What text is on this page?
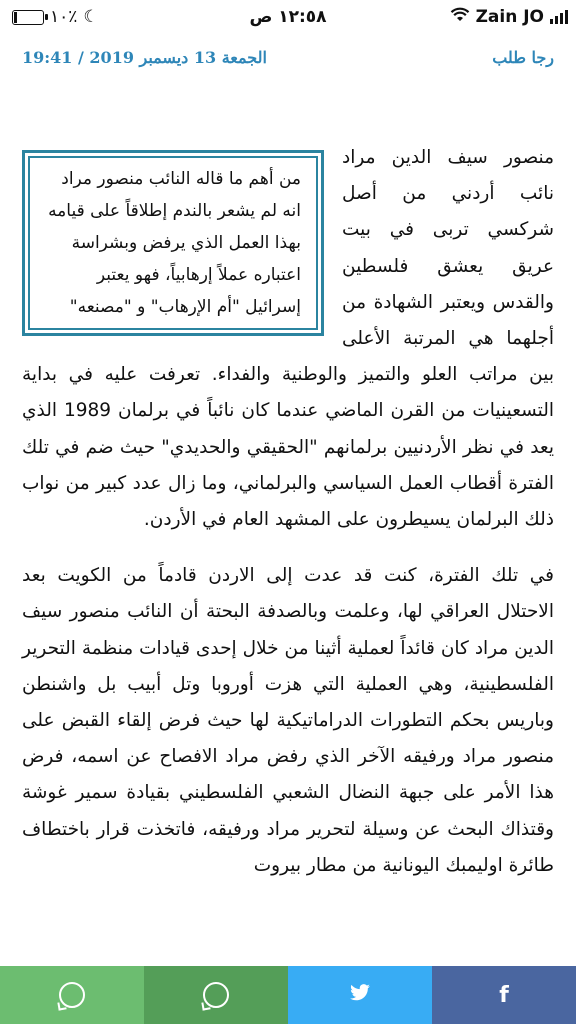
١٠٪ ☾	١٢:٥٨ ص	Zain JO
الجمعة 13 ديسمبر 2019 / 19:41	رجا طلب
من أهم ما قاله النائب منصور مراد انه لم يشعر بالندم إطلاقاً على قيامه بهذا العمل الذي يرفض وبشراسة اعتباره عملاً إرهابياً، فهو يعتبر إسرائيل "أم الإرهاب" و "مصنعه"

منصور سيف الدين مراد نائب أردني من أصل شركسي تربى في بيت عريق يعشق فلسطين والقدس ويعتبر الشهادة من أجلهما هي المرتبة الأعلى بين مراتب العلو والتميز والوطنية والفداء. تعرفت عليه في بداية التسعينيات من القرن الماضي عندما كان نائباً في برلمان 1989 الذي يعد في نظر الأردنيين برلمانهم "الحقيقي والحديدي" حيث ضم في تلك الفترة أقطاب العمل السياسي والبرلماني، وما زال عدد كبير من نواب ذلك البرلمان يسيطرون على المشهد العام في الأردن.

في تلك الفترة، كنت قد عدت إلى الاردن قادماً من الكويت بعد الاحتلال العراقي لها، وعلمت وبالصدفة البحتة أن النائب منصور سيف الدين مراد كان قائداً لعملية أثينا من خلال إحدى قيادات منظمة التحرير الفلسطينية، وهي العملية التي هزت أوروبا وتل أبيب بل واشنطن وباريس بحكم التطورات الدراماتيكية لها حيث فرض إلقاء القبض على منصور مراد ورفيقه الآخر الذي رفض مراد الافصاح عن اسمه، فرض هذا الأمر على جبهة النضال الشعبي الفلسطيني بقيادة سمير غوشة وقتذاك البحث عن وسيلة لتحرير مراد ورفيقه، فاتخذت قرار باختطاف طائرة اوليمبك اليونانية من مطار بيروت

f
